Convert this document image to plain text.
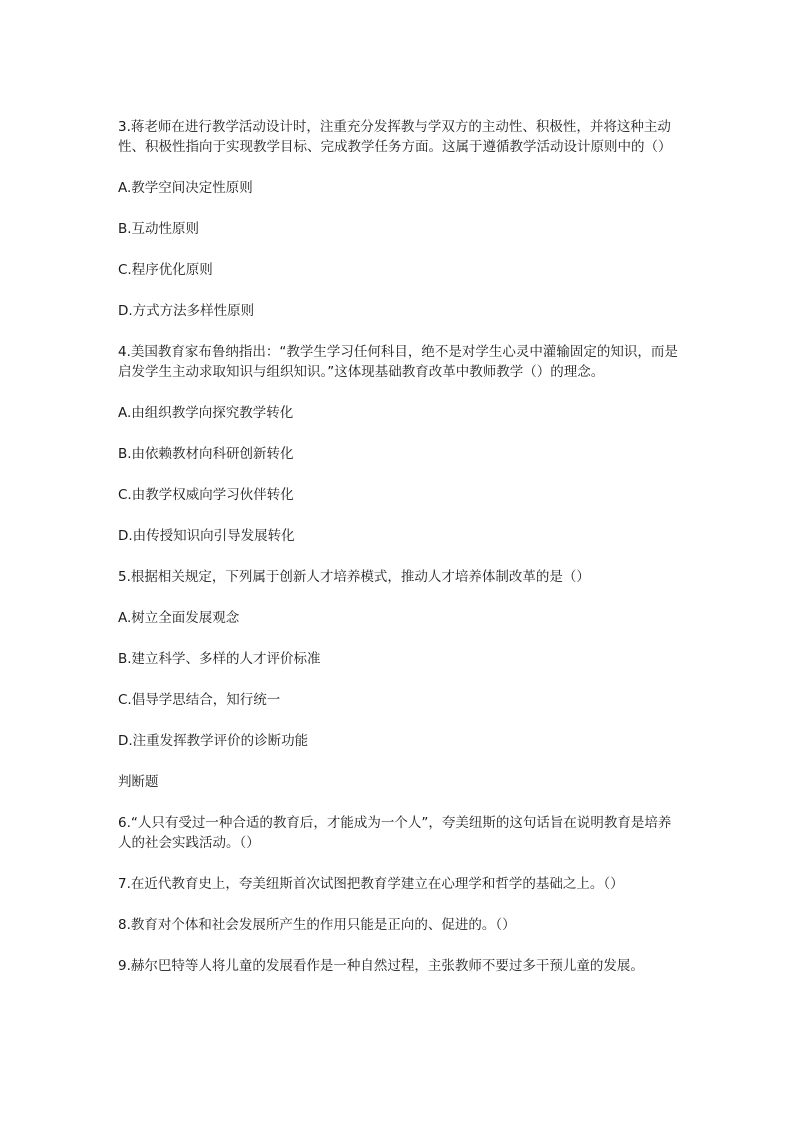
3.蒋老师在进行教学活动设计时，注重充分发挥教与学双方的主动性、积极性，并将这种主动性、积极性指向于实现教学目标、完成教学任务方面。这属于遵循教学活动设计原则中的（）

A.教学空间决定性原则

B.互动性原则

C.程序优化原则

D.方式方法多样性原则

4.美国教育家布鲁纳指出：“教学生学习任何科目，绝不是对学生心灵中灌输固定的知识，而是启发学生主动求取知识与组织知识。”这体现基础教育改革中教师教学（）的理念。

A.由组织教学向探究教学转化

B.由依赖教材向科研创新转化

C.由教学权威向学习伙伴转化

D.由传授知识向引导发展转化

5.根据相关规定，下列属于创新人才培养模式，推动人才培养体制改革的是（）

A.树立全面发展观念

B.建立科学、多样的人才评价标准

C.倡导学思结合，知行统一

D.注重发挥教学评价的诊断功能

判断题

6.“人只有受过一种合适的教育后，才能成为一个人”，夸美纽斯的这句话旨在说明教育是培养人的社会实践活动。（）

7.在近代教育史上，夸美纽斯首次试图把教育学建立在心理学和哲学的基础之上。（）

8.教育对个体和社会发展所产生的作用只能是正向的、促进的。（）

9.赫尔巴特等人将儿童的发展看作是一种自然过程，主张教师不要过多干预儿童的发展。
